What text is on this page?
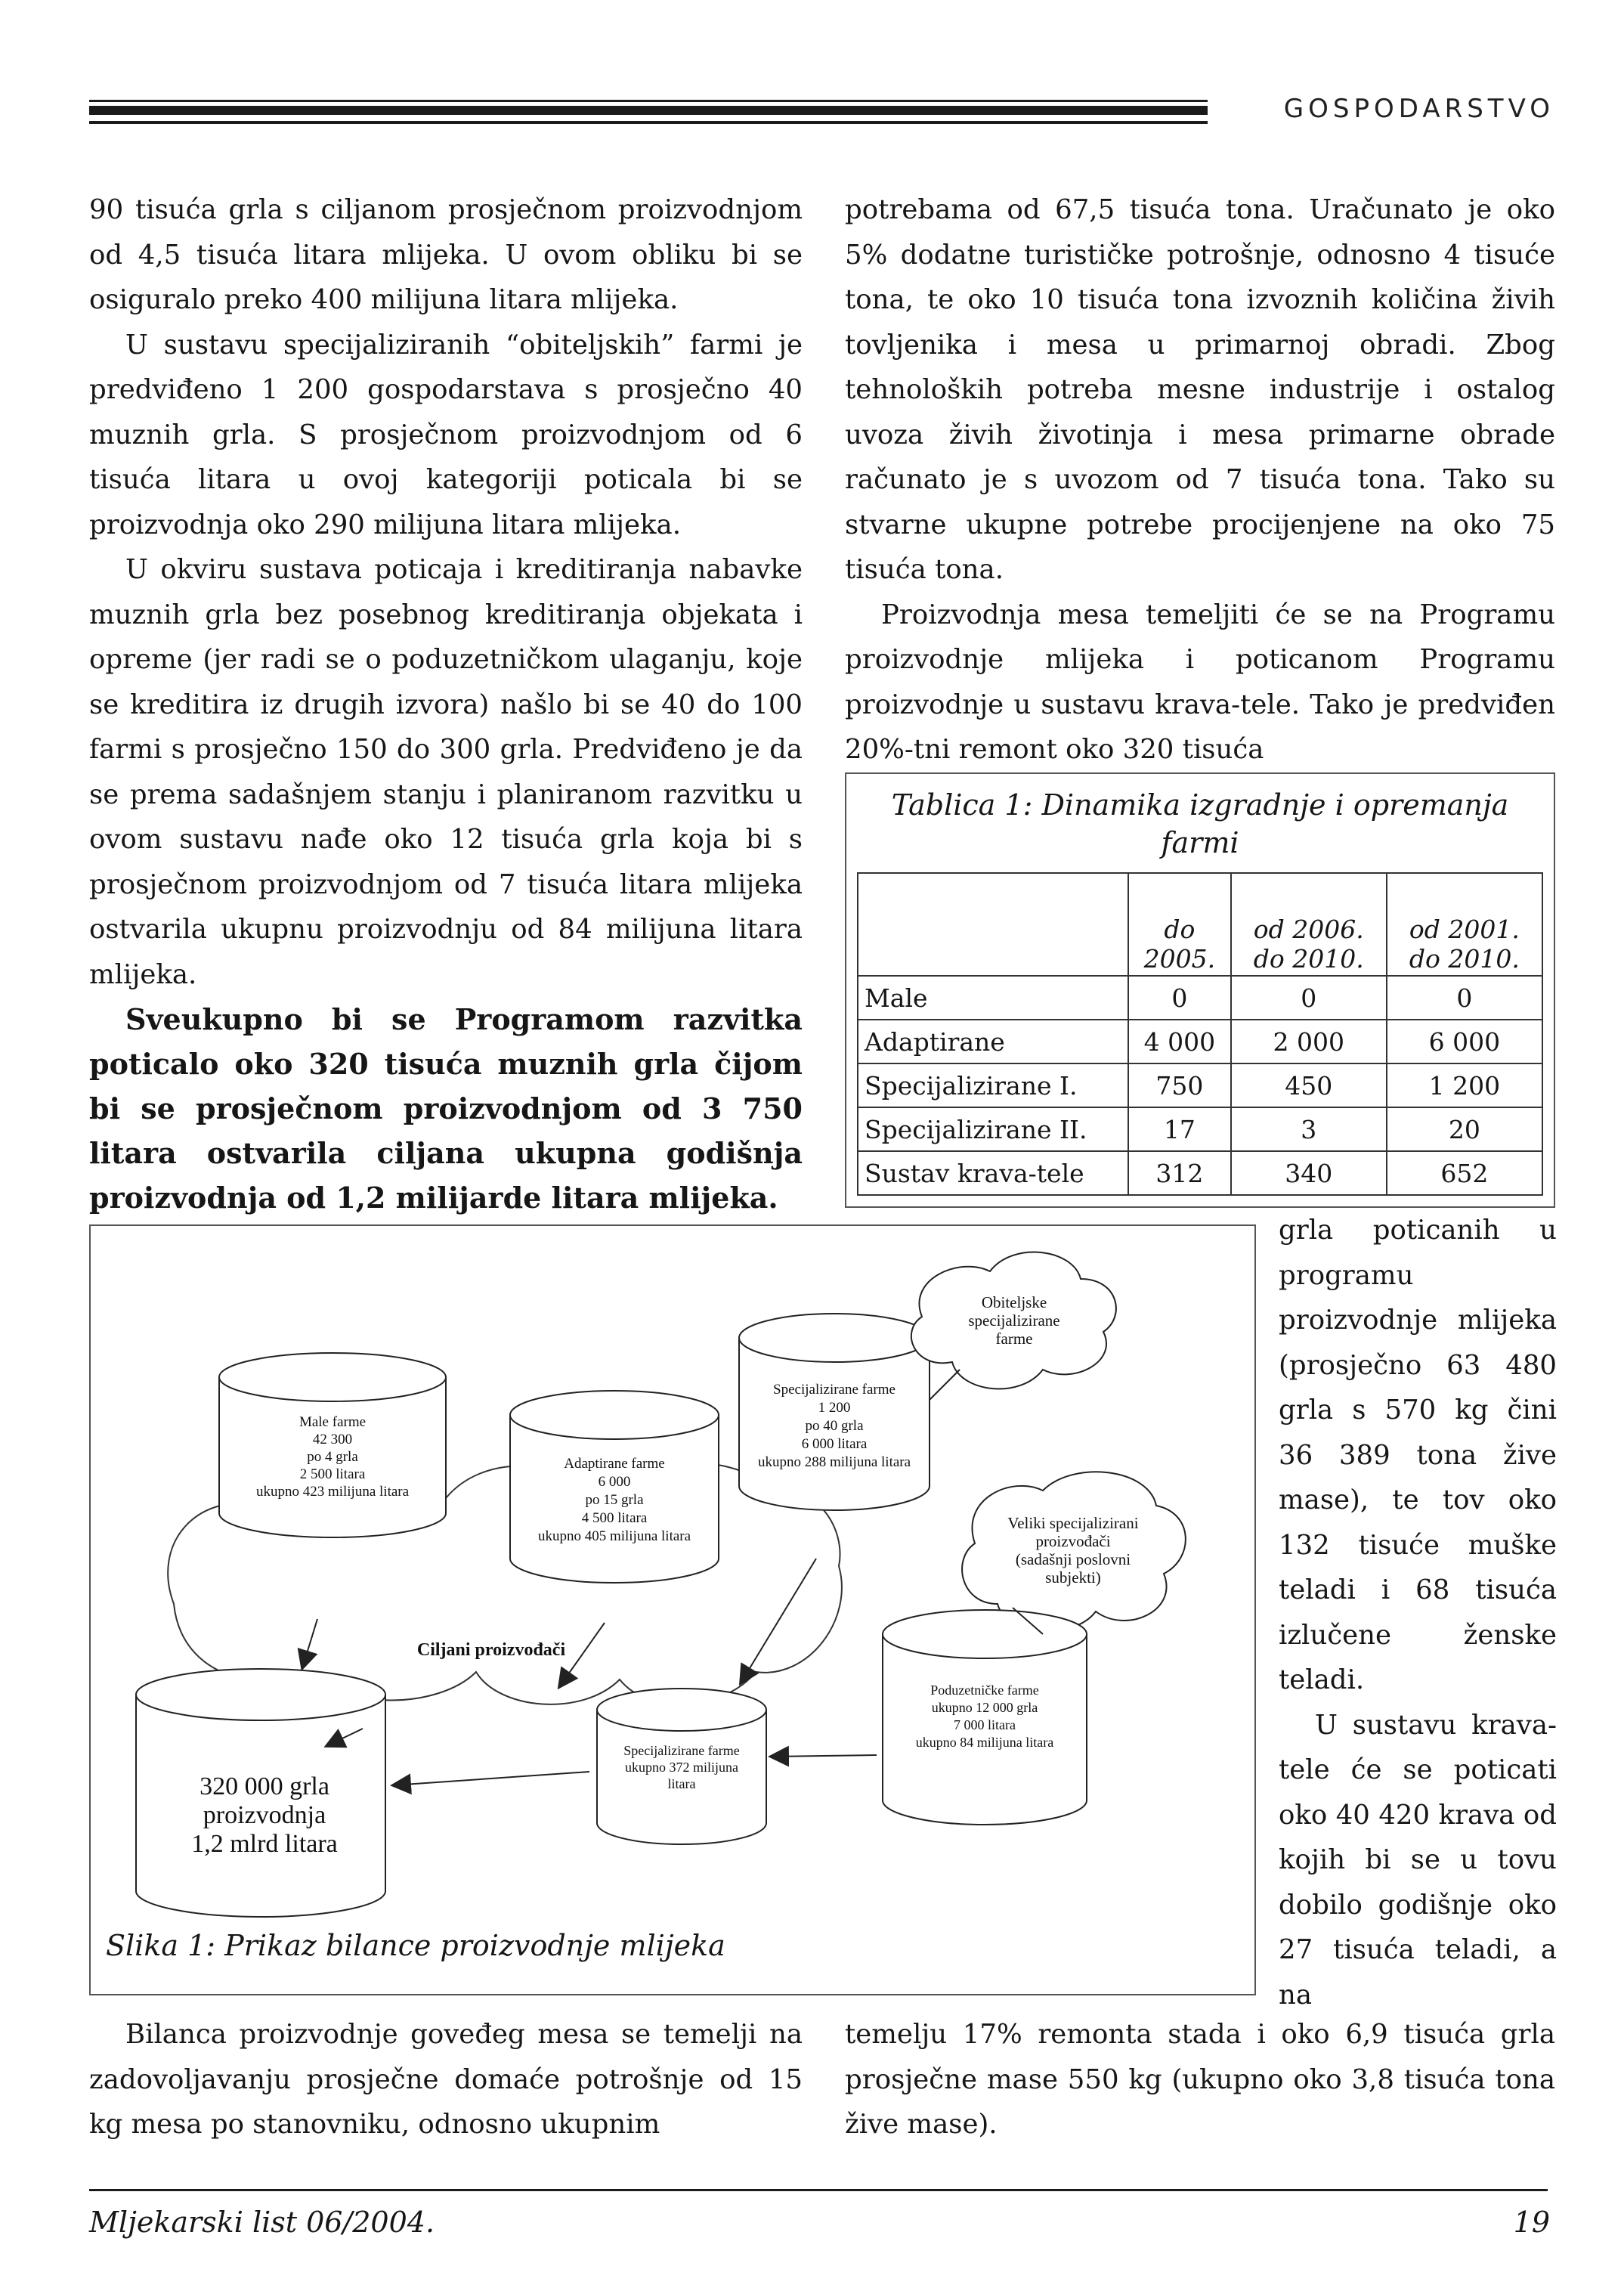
GOSPODARSTVO

90 tisuća grla s ciljanom prosječnom proizvodnjom od 4,5 tisuća litara mlijeka. U ovom obliku bi se osiguralo preko 400 milijuna litara mlijeka.

U sustavu specijaliziranih “obiteljskih” farmi je predviđeno 1 200 gospodarstava s prosječno 40 muznih grla. S prosječnom proizvodnjom od 6 tisuća litara u ovoj kategoriji poticala bi se proizvodnja oko 290 milijuna litara mlijeka.

U okviru sustava poticaja i kreditiranja nabavke muznih grla bez posebnog kreditiranja objekata i opreme (jer radi se o poduzetničkom ulaganju, koje se kreditira iz drugih izvora) našlo bi se 40 do 100 farmi s prosječno 150 do 300 grla. Predviđeno je da se prema sadašnjem stanju i planiranom razvitku u ovom sustavu nađe oko 12 tisuća grla koja bi s prosječnom proizvodnjom od 7 tisuća litara mlijeka ostvarila ukupnu proizvodnju od 84 milijuna litara mlijeka.

Sveukupno bi se Programom razvitka poticalo oko 320 tisuća muznih grla čijom bi se prosječnom proizvodnjom od 3 750 litara ostvarila ciljana ukupna godišnja proizvodnja od 1,2 milijarde litara mlijeka.

potrebama od 67,5 tisuća tona. Uračunato je oko 5% dodatne turističke potrošnje, odnosno 4 tisuće tona, te oko 10 tisuća tona izvoznih količina živih tovljenika i mesa u primarnoj obradi. Zbog tehnoloških potreba mesne industrije i ostalog uvoza živih životinja i mesa primarne obrade računato je s uvozom od 7 tisuća tona. Tako su stvarne ukupne potrebe procijenjene na oko 75 tisuća tona.

Proizvodnja mesa temeljiti će se na Programu proizvodnje mlijeka i poticanom Programu proizvodnje u sustavu krava-tele. Tako je predviđen 20%-tni remont oko 320 tisuća

Tablica 1: Dinamika izgradnje i opremanja farmi
	do 2005.	od 2006. do 2010.	od 2001. do 2010.
Male	0	0	0
Adaptirane	4 000	2 000	6 000
Specijalizirane I.	750	450	1 200
Specijalizirane II.	17	3	20
Sustav krava-tele	312	340	652

grla poticanih u programu proizvodnje mlijeka (prosječno 63 480 grla s 570 kg čini 36 389 tona žive mase), te tov oko 132 tisuće muške teladi i 68 tisuća izlučene ženske teladi.

U sustavu krava-tele će se poticati oko 40 420 krava od kojih bi se u tovu dobilo godišnje oko 27 tisuća teladi, a na

Male farme
42 300
po 4 grla
2 500 litara
ukupno 423 milijuna litara
Adaptirane farme
6 000
po 15 grla
4 500 litara
ukupno 405 milijuna litara
Specijalizirane farme
1 200
po 40 grla
6 000 litara
ukupno 288 milijuna litara
Obiteljske
specijalizirane
farme
Veliki specijalizirani
proizvođači
(sadašnji poslovni
subjekti)
Ciljani proizvođači
320 000 grla
proizvodnja
1,2 mlrd litara
Specijalizirane farme
ukupno 372 milijuna
litara
Poduzetničke farme
ukupno 12 000 grla
7 000 litara
ukupno 84 milijuna litara
Slika 1: Prikaz bilance proizvodnje mlijeka

Bilanca proizvodnje goveđeg mesa se temelji na zadovoljavanju prosječne domaće potrošnje od 15 kg mesa po stanovniku, odnosno ukupnim

temelju 17% remonta stada i oko 6,9 tisuća grla prosječne mase 550 kg (ukupno oko 3,8 tisuća tona žive mase).

Mljekarski list 06/2004.	19
